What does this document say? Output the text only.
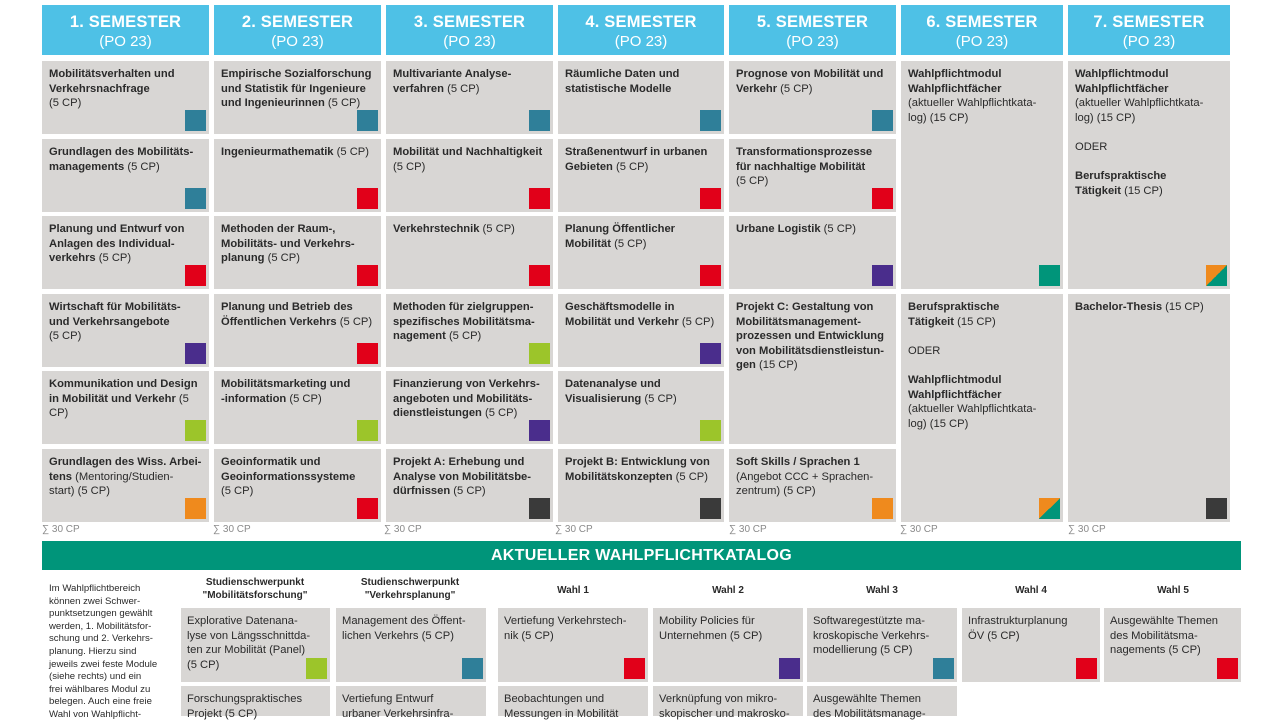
1. SEMESTER
(PO 23)
2. SEMESTER
(PO 23)
3. SEMESTER
(PO 23)
4. SEMESTER
(PO 23)
5. SEMESTER
(PO 23)
6. SEMESTER
(PO 23)
7. SEMESTER
(PO 23)
Mobilitätsverhalten und
Verkehrsnachfrage
(5 CP)
Grundlagen des Mobilitäts-
managements (5 CP)
Planung und Entwurf von
Anlagen des Individual-
verkehrs (5 CP)
Wirtschaft für Mobilitäts-
und Verkehrsangebote
(5 CP)
Kommunikation und Design
in Mobilität und Verkehr (5
CP)
Grundlagen des Wiss. Arbei-
tens (Mentoring/Studien-
start) (5 CP)
Empirische Sozialforschung
und Statistik für Ingenieure
und Ingenieurinnen (5 CP)
Ingenieurmathematik (5 CP)
Methoden der Raum-,
Mobilitäts- und Verkehrs-
planung (5 CP)
Planung und Betrieb des
Öffentlichen Verkehrs (5 CP)
Mobilitätsmarketing und
-information (5 CP)
Geoinformatik und
Geoinformationssysteme
(5 CP)
Multivariante Analyse-
verfahren (5 CP)
Mobilität und Nachhaltigkeit
(5 CP)
Verkehrstechnik (5 CP)
Methoden für zielgruppen-
spezifisches Mobilitätsma-
nagement (5 CP)
Finanzierung von Verkehrs-
angeboten und Mobilitäts-
dienstleistungen (5 CP)
Projekt A: Erhebung und
Analyse von Mobilitätsbe-
dürfnissen (5 CP)
Räumliche Daten und
statistische Modelle
Straßenentwurf in urbanen
Gebieten (5 CP)
Planung Öffentlicher
Mobilität (5 CP)
Geschäftsmodelle in
Mobilität und Verkehr (5 CP)
Datenanalyse und
Visualisierung (5 CP)
Projekt B: Entwicklung von
Mobilitätskonzepten (5 CP)
Prognose von Mobilität und
Verkehr (5 CP)
Transformationsprozesse
für nachhaltige Mobilität
(5 CP)
Urbane Logistik (5 CP)
Projekt C: Gestaltung von
Mobilitätsmanagement-
prozessen und Entwicklung
von Mobilitätsdienstleistun-
gen (15 CP)
Soft Skills / Sprachen 1
(Angebot CCC + Sprachen-
zentrum) (5 CP)
Wahlpflichtmodul
Wahlpflichtfächer
(aktueller Wahlpflichtkata-
log) (15 CP)
Berufspraktische
Tätigkeit (15 CP)

ODER

Wahlpflichtmodul
Wahlpflichtfächer
(aktueller Wahlpflichtkata-
log) (15 CP)
Wahlpflichtmodul
Wahlpflichtfächer
(aktueller Wahlpflichtkata-
log) (15 CP)

ODER

Berufspraktische
Tätigkeit (15 CP)
Bachelor-Thesis (15 CP)
∑ 30 CP	∑ 30 CP	∑ 30 CP	∑ 30 CP	∑ 30 CP	∑ 30 CP	∑ 30 CP
AKTUELLER WAHLPFLICHTKATALOG
Im Wahlpflichtbereich
können zwei Schwer-
punktsetzungen gewählt
werden, 1. Mobilitätsfor-
schung und 2. Verkehrs-
planung. Hierzu sind
jeweils zwei feste Module
(siehe rechts) und ein
frei wählbares Modul zu
belegen. Auch eine freie
Wahl von Wahlpflicht-
Studienschwerpunkt
"Mobilitätsforschung"
Studienschwerpunkt
"Verkehrsplanung"	Wahl 1	Wahl 2	Wahl 3	Wahl 4	Wahl 5
Explorative Datenana-
lyse von Längsschnittda-
ten zur Mobilität (Panel)
(5 CP)
Management des Öffent-
lichen Verkehrs (5 CP)
Vertiefung Verkehrstech-
nik (5 CP)
Mobility Policies für
Unternehmen (5 CP)
Softwaregestützte ma-
kroskopische Verkehrs-
modellierung (5 CP)
Infrastrukturplanung
ÖV (5 CP)
Ausgewählte Themen
des Mobilitätsma-
nagements (5 CP)
Forschungspraktisches
Projekt (5 CP)
Vertiefung Entwurf
urbaner Verkehrsinfra-
Beobachtungen und
Messungen in Mobilität
Verknüpfung von mikro-
skopischer und makrosko-
Ausgewählte Themen
des Mobilitätsmanage-
